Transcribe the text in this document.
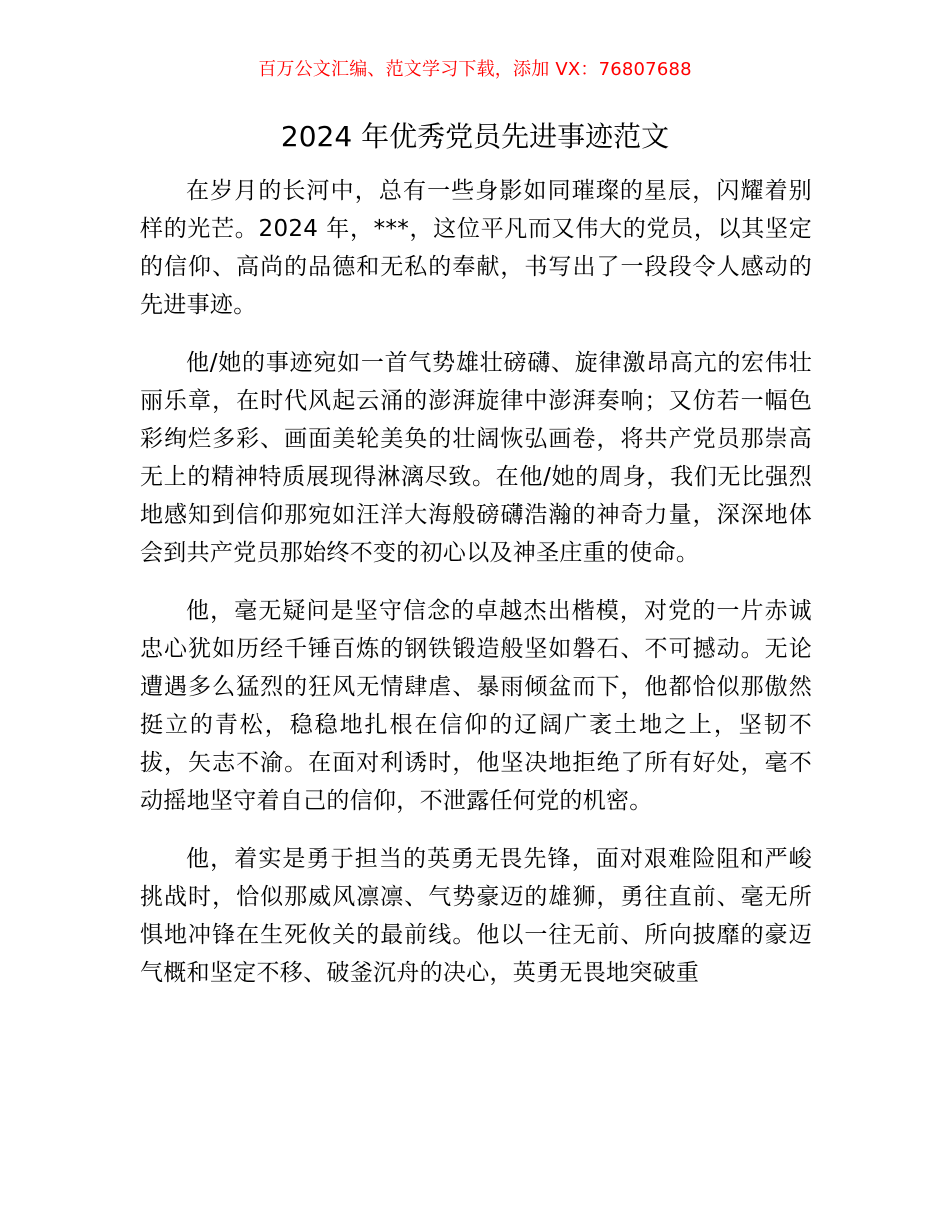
百万公文汇编、范文学习下载，添加 VX：76807688
2024 年优秀党员先进事迹范文

在岁月的长河中，总有一些身影如同璀璨的星辰，闪耀着别样的光芒。2024 年，***，这位平凡而又伟大的党员，以其坚定的信仰、高尚的品德和无私的奉献，书写出了一段段令人感动的先进事迹。

他/她的事迹宛如一首气势雄壮磅礴、旋律激昂高亢的宏伟壮丽乐章，在时代风起云涌的澎湃旋律中澎湃奏响；又仿若一幅色彩绚烂多彩、画面美轮美奂的壮阔恢弘画卷，将共产党员那崇高无上的精神特质展现得淋漓尽致。在他/她的周身，我们无比强烈地感知到信仰那宛如汪洋大海般磅礴浩瀚的神奇力量，深深地体会到共产党员那始终不变的初心以及神圣庄重的使命。

他，毫无疑问是坚守信念的卓越杰出楷模，对党的一片赤诚忠心犹如历经千锤百炼的钢铁锻造般坚如磐石、不可撼动。无论遭遇多么猛烈的狂风无情肆虐、暴雨倾盆而下，他都恰似那傲然挺立的青松，稳稳地扎根在信仰的辽阔广袤土地之上，坚韧不拔，矢志不渝。在面对利诱时，他坚决地拒绝了所有好处，毫不动摇地坚守着自己的信仰，不泄露任何党的机密。

他，着实是勇于担当的英勇无畏先锋，面对艰难险阻和严峻挑战时，恰似那威风凛凛、气势豪迈的雄狮，勇往直前、毫无所惧地冲锋在生死攸关的最前线。他以一往无前、所向披靡的豪迈气概和坚定不移、破釜沉舟的决心，英勇无畏地突破重
